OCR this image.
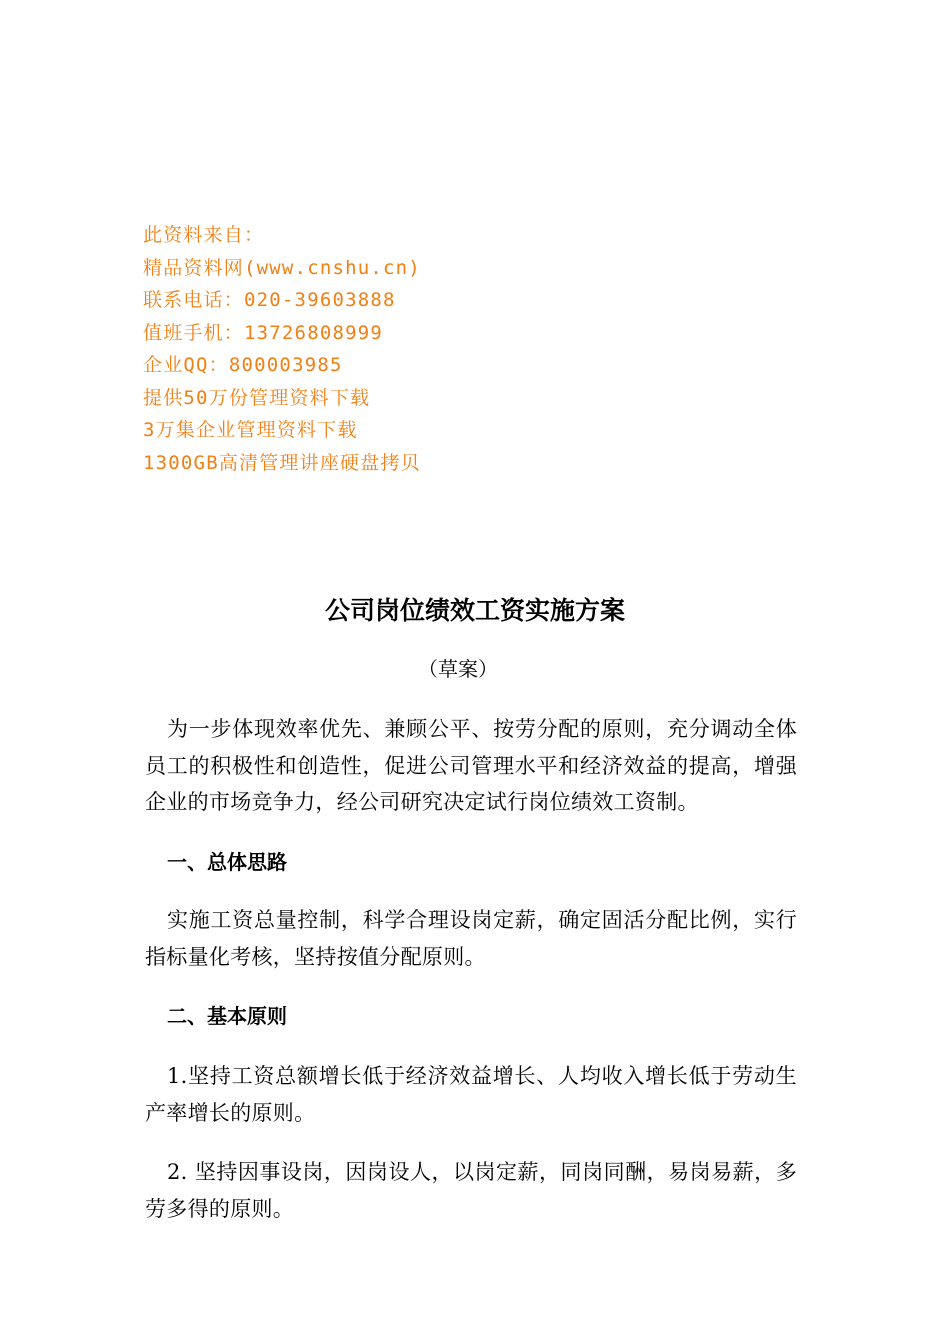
此资料来自：
精品资料网(www.cnshu.cn)
联系电话：020-39603888
值班手机：13726808999
企业QQ：800003985
提供50万份管理资料下载
3万集企业管理资料下载
1300GB高清管理讲座硬盘拷贝
公司岗位绩效工资实施方案

（草案）

为一步体现效率优先、兼顾公平、按劳分配的原则，充分调动全体员工的积极性和创造性，促进公司管理水平和经济效益的提高，增强企业的市场竞争力，经公司研究决定试行岗位绩效工资制。

一、总体思路

实施工资总量控制，科学合理设岗定薪，确定固活分配比例，实行指标量化考核，坚持按值分配原则。

二、基本原则

1.坚持工资总额增长低于经济效益增长、人均收入增长低于劳动生产率增长的原则。

2. 坚持因事设岗，因岗设人，以岗定薪，同岗同酬，易岗易薪，多劳多得的原则。
